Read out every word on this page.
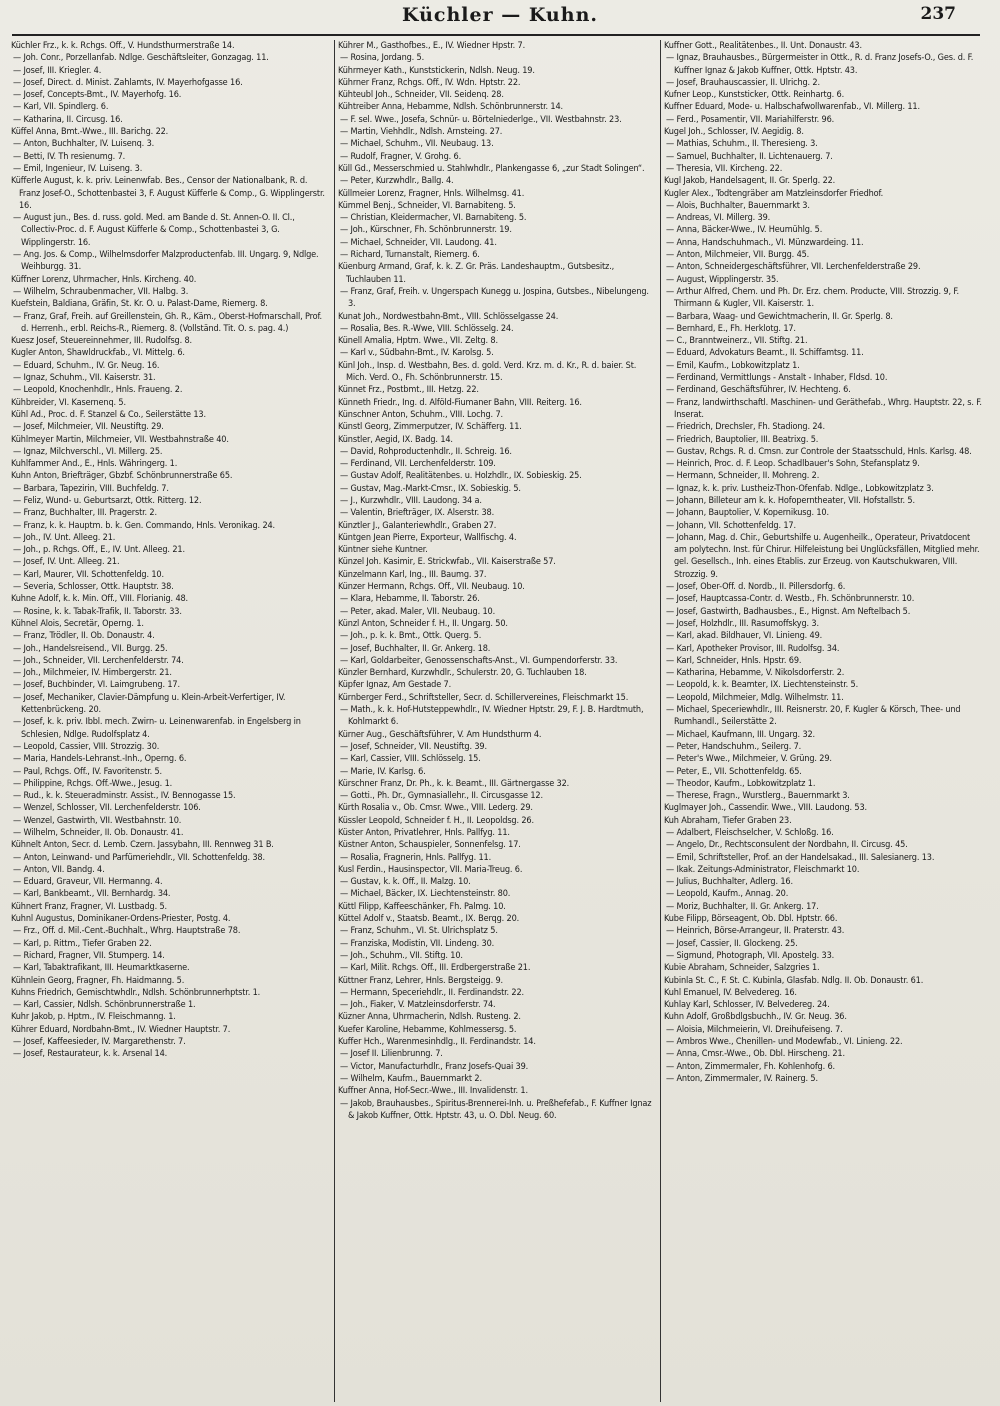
Küchler — Kuhn.	237

Küchler Frz., k. k. Rchgs. Off., V. Hundsthurmerstraße 14.

— Joh. Conr., Porzellanfab. Ndlge. Geschäftsleiter, Gonzagag. 11.

— Josef, III. Kriegler. 4.

— Josef, Direct. d. Minist. Zahlamts, IV. Mayerhofgasse 16.

— Josef, Concepts-Bmt., IV. Mayerhofg. 16.

— Karl, VII. Spindlerg. 6.

— Katharina, II. Circusg. 16.

Küffel Anna, Bmt.-Wwe., III. Barichg. 22.

— Anton, Buchhalter, IV. Luisenq. 3.

— Betti, IV. Th resienumg. 7.

— Emil, Ingenieur, IV. Luiseng. 3.

Küfferle August, k. k. priv. Leinenwfab. Bes., Censor der Nationalbank, R. d. Franz Josef-O., Schottenbastei 3, F. August Küfferle & Comp., G. Wipplingerstr. 16.

— August jun., Bes. d. russ. gold. Med. am Bande d. St. Annen-O. II. Cl., Collectiv-Proc. d. F. August Küfferle & Comp., Schottenbastei 3, G. Wipplingerstr. 16.

— Ang. Jos. & Comp., Wilhelmsdorfer Malzproductenfab. III. Ungarg. 9, Ndlge. Weihburgg. 31.

Küffner Lorenz, Uhrmacher, Hnls. Kircheng. 40.

— Wilhelm, Schraubenmacher, VII. Halbg. 3.

Kuefstein, Baldiana, Gräfin, St. Kr. O. u. Palast-Dame, Riemerg. 8.

— Franz, Graf, Freih. auf Greillenstein, Gh. R., Käm., Oberst-Hofmarschall, Prof. d. Herrenh., erbl. Reichs-R., Riemerg. 8. (Vollständ. Tit. O. s. pag. 4.)

Kuesz Josef, Steuereinnehmer, III. Rudolfsg. 8.

Kugler Anton, Shawldruckfab., VI. Mittelg. 6.

— Eduard, Schuhm., IV. Gr. Neug. 16.

— Ignaz, Schuhm., VII. Kaiserstr. 31.

— Leopold, Knochenhdlr., Hnls. Fraueng. 2.

Kühbreider, VI. Kasernenq. 5.

Kühl Ad., Proc. d. F. Stanzel & Co., Seilerstätte 13.

— Josef, Milchmeier, VII. Neustiftg. 29.

Kühlmeyer Martin, Milchmeier, VII. Westbahnstraße 40.

— Ignaz, Milchverschl., VI. Millerg. 25.

Kuhlfammer And., E., Hnls. Währingerg. 1.

Kuhn Anton, Briefträger, Gbzbf. Schönbrunnerstraße 65.

— Barbara, Tapezirin, VIII. Buchfeldg. 7.

— Feliz, Wund- u. Geburtsarzt, Ottk. Ritterg. 12.

— Franz, Buchhalter, III. Pragerstr. 2.

— Franz, k. k. Hauptm. b. k. Gen. Commando, Hnls. Veronikag. 24.

— Joh., IV. Unt. Alleeg. 21.

— Joh., p. Rchgs. Off., E., IV. Unt. Alleeg. 21.

— Josef, IV. Unt. Alleeg. 21.

— Karl, Maurer, VII. Schottenfeldg. 10.

— Severia, Schlosser, Ottk. Hauptstr. 38.

Kuhne Adolf, k. k. Min. Off., VIII. Florianig. 48.

— Rosine, k. k. Tabak-Trafik, II. Taborstr. 33.

Kühnel Alois, Secretär, Operng. 1.

— Franz, Trödler, II. Ob. Donaustr. 4.

— Joh., Handelsreisend., VII. Burgg. 25.

— Joh., Schneider, VII. Lerchenfelderstr. 74.

— Joh., Milchmeier, IV. Himbergerstr. 21.

— Josef, Buchbinder, VI. Laimgrubeng. 17.

— Josef, Mechaniker, Clavier-Dämpfung u. Klein-Arbeit-Verfertiger, IV. Kettenbrückeng. 20.

— Josef, k. k. priv. Ibbl. mech. Zwirn- u. Leinenwarenfab. in Engelsberg in Schlesien, Ndlge. Rudolfsplatz 4.

— Leopold, Cassier, VIII. Strozzig. 30.

— Maria, Handels-Lehranst.-Inh., Operng. 6.

— Paul, Rchgs. Off., IV. Favoritenstr. 5.

— Philippine, Rchgs. Off.-Wwe., Jesug. 1.

— Rud., k. k. Steueradminstr. Assist., IV. Bennogasse 15.

— Wenzel, Schlosser, VII. Lerchenfelderstr. 106.

— Wenzel, Gastwirth, VII. Westbahnstr. 10.

— Wilhelm, Schneider, II. Ob. Donaustr. 41.

Kühnelt Anton, Secr. d. Lemb. Czern. Jassybahn, III. Rennweg 31 B.

— Anton, Leinwand- und Parfümeriehdlr., VII. Schottenfeldg. 38.

— Anton, VII. Bandg. 4.

— Eduard, Graveur, VII. Hermanng. 4.

— Karl, Bankbeamt., VII. Bernhardg. 34.

Kühnert Franz, Fragner, VI. Lustbadg. 5.

Kuhnl Augustus, Dominikaner-Ordens-Priester, Postg. 4.

— Frz., Off. d. Mil.-Cent.-Buchhalt., Whrg. Hauptstraße 78.

— Karl, p. Rittm., Tiefer Graben 22.

— Richard, Fragner, VII. Stumperg. 14.

— Karl, Tabaktrafikant, III. Heumarktkaserne.

Kühnlein Georg, Fragner, Fh. Haidmanng. 5.

Kuhns Friedrich, Gemischtwhdlr., Ndlsh. Schönbrunnerhptstr. 1.

— Karl, Cassier, Ndlsh. Schönbrunnerstraße 1.

Kuhr Jakob, p. Hptm., IV. Fleischmanng. 1.

Kührer Eduard, Nordbahn-Bmt., IV. Wiedner Hauptstr. 7.

— Josef, Kaffeesieder, IV. Margarethenstr. 7.

— Josef, Restaurateur, k. k. Arsenal 14.

Kührer M., Gasthofbes., E., IV. Wiedner Hpstr. 7.

— Rosina, Jordang. 5.

Kührmeyer Kath., Kunststickerin, Ndlsh. Neug. 19.

Kührner Franz, Rchgs. Off., IV. Wdn. Hptstr. 22.

Kühteubl Joh., Schneider, VII. Seidenq. 28.

Kühtreiber Anna, Hebamme, Ndlsh. Schönbrunnerstr. 14.

— F. sel. Wwe., Josefa, Schnür- u. Börtelniederlge., VII. Westbahnstr. 23.

— Martin, Viehhdlr., Ndlsh. Arnsteing. 27.

— Michael, Schuhm., VII. Neubaug. 13.

— Rudolf, Fragner, V. Grohg. 6.

Küll Gd., Messerschmied u. Stahlwhdlr., Plankengasse 6, „zur Stadt Solingen“.

— Peter, Kurzwhdlr., Ballg. 4.

Küllmeier Lorenz, Fragner, Hnls. Wilhelmsg. 41.

Kümmel Benj., Schneider, VI. Barnabiteng. 5.

— Christian, Kleidermacher, VI. Barnabiteng. 5.

— Joh., Kürschner, Fh. Schönbrunnerstr. 19.

— Michael, Schneider, VII. Laudong. 41.

— Richard, Turnanstalt, Riemerg. 6.

Küenburg Armand, Graf, k. k. Z. Gr. Präs. Landeshauptm., Gutsbesitz., Tuchlauben 11.

— Franz, Graf, Freih. v. Ungerspach Kunegg u. Jospina, Gutsbes., Nibelungeng. 3.

Kunat Joh., Nordwestbahn-Bmt., VIII. Schlösselgasse 24.

— Rosalia, Bes. R.-Wwe, VIII. Schlösselg. 24.

Künell Amalia, Hptm. Wwe., VII. Zeltg. 8.

— Karl v., Südbahn-Bmt., IV. Karolsg. 5.

Künl Joh., Insp. d. Westbahn, Bes. d. gold. Verd. Krz. m. d. Kr., R. d. baier. St. Mich. Verd. O., Fh. Schönbrunnerstr. 15.

Künnet Frz., Postbmt., III. Hetzg. 22.

Künneth Friedr., Ing. d. Alföld-Fiumaner Bahn, VIII. Reiterg. 16.

Künschner Anton, Schuhm., VIII. Lochg. 7.

Künstl Georg, Zimmerputzer, IV. Schäfferg. 11.

Künstler, Aegid, IX. Badg. 14.

— David, Rohproductenhdlr., II. Schreig. 16.

— Ferdinand, VII. Lerchenfelderstr. 109.

— Gustav Adolf, Realitätenbes. u. Holzhdlr., IX. Sobieskig. 25.

— Gustav, Mag.-Markt-Cmsr., IX. Sobieskig. 5.

— J., Kurzwhdlr., VIII. Laudong. 34 a.

— Valentin, Briefträger, IX. Alserstr. 38.

Künztler J., Galanteriewhdlr., Graben 27.

Küntgen Jean Pierre, Exporteur, Wallfischg. 4.

Küntner siehe Kuntner.

Künzel Joh. Kasimir, E. Strickwfab., VII. Kaiserstraße 57.

Künzelmann Karl, Ing., III. Baumg. 37.

Künzer Hermann, Rchgs. Off., VII. Neubaug. 10.

— Klara, Hebamme, II. Taborstr. 26.

— Peter, akad. Maler, VII. Neubaug. 10.

Künzl Anton, Schneider f. H., II. Ungarg. 50.

— Joh., p. k. k. Bmt., Ottk. Querg. 5.

— Josef, Buchhalter, II. Gr. Ankerg. 18.

— Karl, Goldarbeiter, Genossenschafts-Anst., VI. Gumpendorferstr. 33.

Künzler Bernhard, Kurzwhdlr., Schulerstr. 20, G. Tuchlauben 18.

Küpfer Ignaz, Am Gestade 7.

Kürnberger Ferd., Schriftsteller, Secr. d. Schillervereines, Fleischmarkt 15.

— Math., k. k. Hof-Hutsteppewhdlr., IV. Wiedner Hptstr. 29, F. J. B. Hardtmuth, Kohlmarkt 6.

Kürner Aug., Geschäftsführer, V. Am Hundsthurm 4.

— Josef, Schneider, VII. Neustiftg. 39.

— Karl, Cassier, VIII. Schlösselg. 15.

— Marie, IV. Karlsg. 6.

Kürschner Franz, Dr. Ph., k. k. Beamt., III. Gärtnergasse 32.

— Gotti., Ph. Dr., Gymnasiallehr., II. Circusgasse 12.

Kürth Rosalia v., Ob. Cmsr. Wwe., VIII. Lederg. 29.

Küssler Leopold, Schneider f. H., II. Leopoldsg. 26.

Küster Anton, Privatlehrer, Hnls. Pallfyg. 11.

Küstner Anton, Schauspieler, Sonnenfelsg. 17.

— Rosalia, Fragnerin, Hnls. Pallfyg. 11.

Kusl Ferdin., Hausinspector, VII. Maria-Treug. 6.

— Gustav, k. k. Off., II. Malzg. 10.

— Michael, Bäcker, IX. Liechtensteinstr. 80.

Küttl Filipp, Kaffeeschänker, Fh. Palmg. 10.

Küttel Adolf v., Staatsb. Beamt., IX. Berqg. 20.

— Franz, Schuhm., VI. St. Ulrichsplatz 5.

— Franziska, Modistin, VII. Lindeng. 30.

— Joh., Schuhm., VII. Stiftg. 10.

— Karl, Milit. Rchgs. Off., III. Erdbergerstraße 21.

Küttner Franz, Lehrer, Hnls. Bergsteigg. 9.

— Hermann, Speceriehdlr., II. Ferdinandstr. 22.

— Joh., Fiaker, V. Matzleinsdorferstr. 74.

Küzner Anna, Uhrmacherin, Ndlsh. Rusteng. 2.

Kuefer Karoline, Hebamme, Kohlmessersg. 5.

Kuffer Hch., Warenmesinhdlg., II. Ferdinandstr. 14.

— Josef II. Lilienbrunng. 7.

— Victor, Manufacturhdlr., Franz Josefs-Quai 39.

— Wilhelm, Kaufm., Bauernmarkt 2.

Kuffner Anna, Hof-Secr.-Wwe., III. Invalidenstr. 1.

— Jakob, Brauhausbes., Spiritus-Brennerei-Inh. u. Preßhefefab., F. Kuffner Ignaz & Jakob Kuffner, Ottk. Hptstr. 43, u. O. Dbl. Neug. 60.

Kuffner Gott., Realitätenbes., II. Unt. Donaustr. 43.

— Ignaz, Brauhausbes., Bürgermeister in Ottk., R. d. Franz Josefs-O., Ges. d. F. Kuffner Ignaz & Jakob Kuffner, Ottk. Hptstr. 43.

— Josef, Brauhauscassier, II. Ulrichg. 2.

Kufner Leop., Kunststicker, Ottk. Reinhartg. 6.

Kuffner Eduard, Mode- u. Halbschafwollwarenfab., VI. Millerg. 11.

— Ferd., Posamentir, VII. Mariahilferstr. 96.

Kugel Joh., Schlosser, IV. Aegidig. 8.

— Mathias, Schuhm., II. Theresieng. 3.

— Samuel, Buchhalter, II. Lichtenauerg. 7.

— Theresia, VII. Kircheng. 22.

Kugl Jakob, Handelsagent, II. Gr. Sperlg. 22.

Kugler Alex., Todtengräber am Matzleinsdorfer Friedhof.

— Alois, Buchhalter, Bauernmarkt 3.

— Andreas, VI. Millerg. 39.

— Anna, Bäcker-Wwe., IV. Heumühlg. 5.

— Anna, Handschuhmach., VI. Münzwardeing. 11.

— Anton, Milchmeier, VII. Burgg. 45.

— Anton, Schneidergeschäftsführer, VII. Lerchenfelderstraße 29.

— August, Wipplingerstr. 35.

— Arthur Alfred, Chem. und Ph. Dr. Erz. chem. Producte, VIII. Strozzig. 9, F. Thirmann & Kugler, VII. Kaiserstr. 1.

— Barbara, Waag- und Gewichtmacherin, II. Gr. Sperlg. 8.

— Bernhard, E., Fh. Herklotg. 17.

— C., Branntweinerz., VII. Stiftg. 21.

— Eduard, Advokaturs Beamt., II. Schiffamtsg. 11.

— Emil, Kaufm., Lobkowitzplatz 1.

— Ferdinand, Vermittlungs - Anstalt - Inhaber, Fldsd. 10.

— Ferdinand, Geschäftsführer, IV. Hechteng. 6.

— Franz, landwirthschaftl. Maschinen- und Geräthefab., Whrg. Hauptstr. 22, s. F. Inserat.

— Friedrich, Drechsler, Fh. Stadiong. 24.

— Friedrich, Bauptolier, III. Beatrixg. 5.

— Gustav, Rchgs. R. d. Cmsn. zur Controle der Staatsschuld, Hnls. Karlsg. 48.

— Heinrich, Proc. d. F. Leop. Schadlbauer's Sohn, Stefansplatz 9.

— Hermann, Schneider, II. Mohreng. 2.

— Ignaz, k. k. priv. Lustheiz-Thon-Ofenfab. Ndlge., Lobkowitzplatz 3.

— Johann, Billeteur am k. k. Hofoperntheater, VII. Hofstallstr. 5.

— Johann, Bauptolier, V. Kopernikusg. 10.

— Johann, VII. Schottenfeldg. 17.

— Johann, Mag. d. Chir., Geburtshilfe u. Augenheilk., Operateur, Privatdocent am polytechn. Inst. für Chirur. Hilfeleistung bei Unglücksfällen, Mitglied mehr. gel. Gesellsch., Inh. eines Etablis. zur Erzeug. von Kautschukwaren, VIII. Strozzig. 9.

— Josef, Ober-Off. d. Nordb., II. Pillersdorfg. 6.

— Josef, Hauptcassa-Contr. d. Westb., Fh. Schönbrunnerstr. 10.

— Josef, Gastwirth, Badhausbes., E., Hignst. Am Neftelbach 5.

— Josef, Holzhdlr., III. Rasumoffskyg. 3.

— Karl, akad. Bildhauer, VI. Linieng. 49.

— Karl, Apotheker Provisor, III. Rudolfsg. 34.

— Karl, Schneider, Hnls. Hpstr. 69.

— Katharina, Hebamme, V. Nikolsdorferstr. 2.

— Leopold, k. k. Beamter, IX. Liechtensteinstr. 5.

— Leopold, Milchmeier, Mdlg. Wilhelmstr. 11.

— Michael, Speceriewhdlr., III. Reisnerstr. 20, F. Kugler & Körsch, Thee- und Rumhandl., Seilerstätte 2.

— Michael, Kaufmann, III. Ungarg. 32.

— Peter, Handschuhm., Seilerg. 7.

— Peter's Wwe., Milchmeier, V. Grüng. 29.

— Peter, E., VII. Schottenfeldg. 65.

— Theodor, Kaufm., Lobkowitzplatz 1.

— Therese, Fragn., Wurstlerg., Bauernmarkt 3.

Kuglmayer Joh., Cassendir. Wwe., VIII. Laudong. 53.

Kuh Abraham, Tiefer Graben 23.

— Adalbert, Fleischselcher, V. Schloßg. 16.

— Angelo, Dr., Rechtsconsulent der Nordbahn, II. Circusg. 45.

— Emil, Schriftsteller, Prof. an der Handelsakad., III. Salesianerg. 13.

— Ikak. Zeitungs-Administrator, Fleischmarkt 10.

— Julius, Buchhalter, Adlerg. 16.

— Leopold, Kaufm., Annag. 20.

— Moriz, Buchhalter, II. Gr. Ankerg. 17.

Kube Filipp, Börseagent, Ob. Dbl. Hptstr. 66.

— Heinrich, Börse-Arrangeur, II. Praterstr. 43.

— Josef, Cassier, II. Glockeng. 25.

— Sigmund, Photograph, VII. Apostelg. 33.

Kubie Abraham, Schneider, Salzgries 1.

Kubinla St. C., F. St. C. Kubinla, Glasfab. Ndlg. II. Ob. Donaustr. 61.

Kuhl Emanuel, IV. Belvedereg. 16.

Kuhlay Karl, Schlosser, IV. Belvedereg. 24.

Kuhn Adolf, Großbdlgsbuchh., IV. Gr. Neug. 36.

— Aloisia, Milchmeierin, VI. Dreihufeiseng. 7.

— Ambros Wwe., Chenillen- und Modewfab., VI. Linieng. 22.

— Anna, Cmsr.-Wwe., Ob. Dbl. Hirscheng. 21.

— Anton, Zimmermaler, Fh. Kohlenhofg. 6.

— Anton, Zimmermaler, IV. Rainerg. 5.
